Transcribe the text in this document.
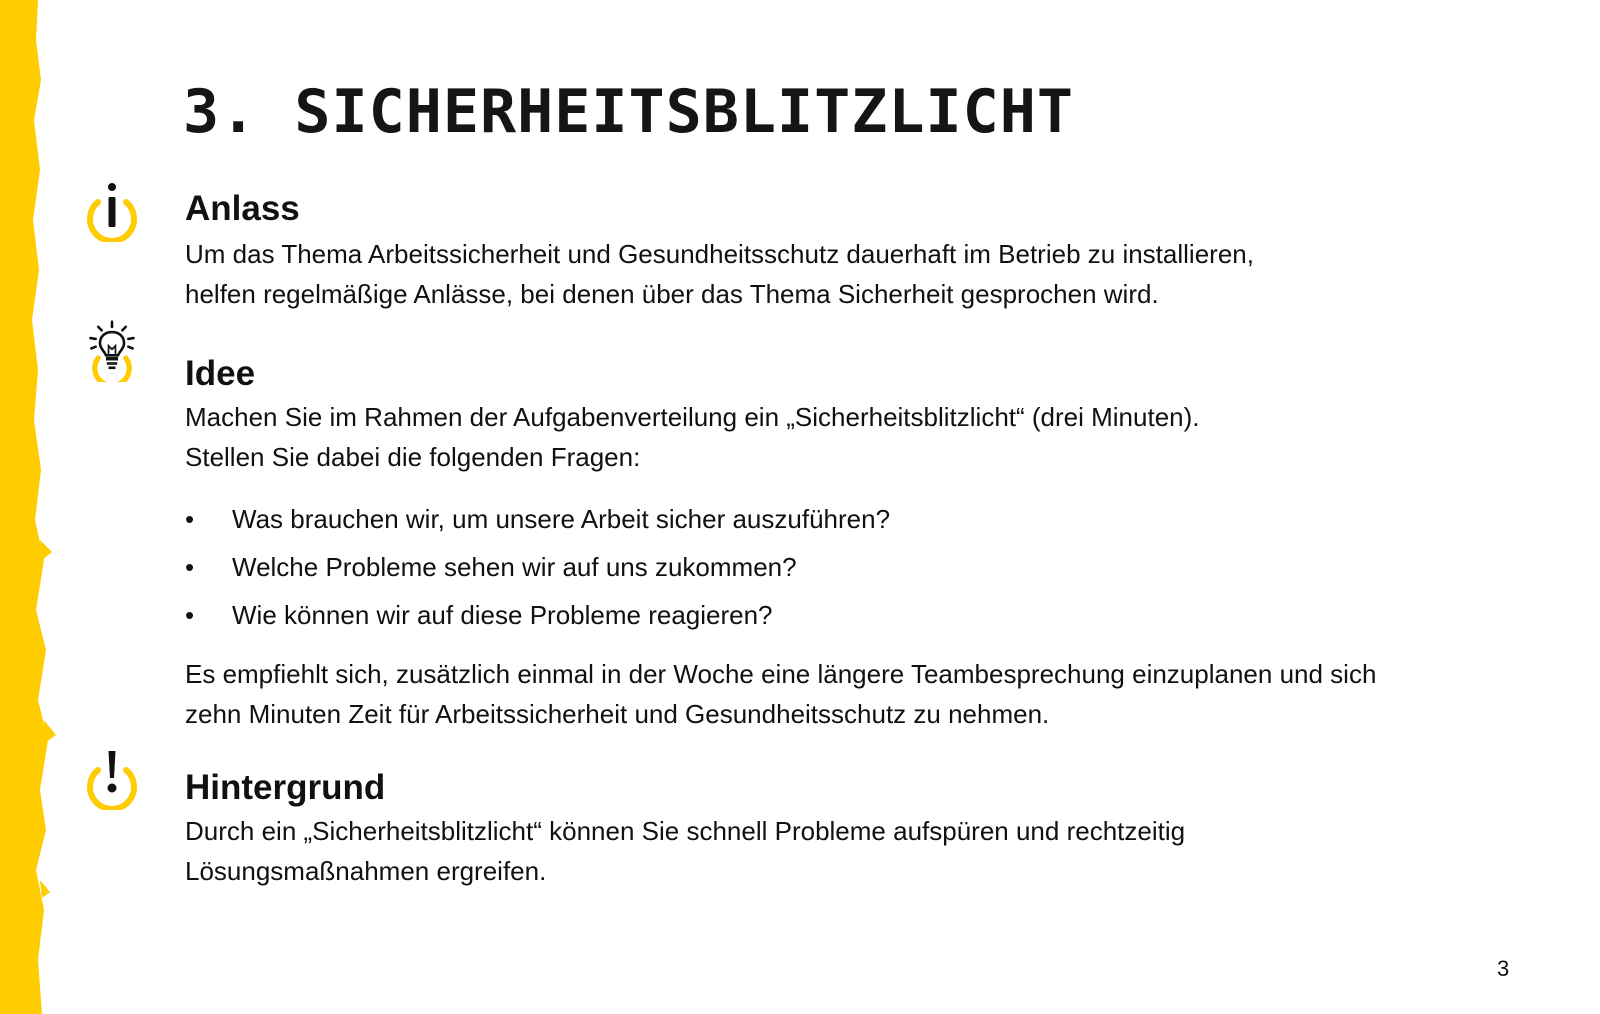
3. SICHERHEITSBLITZLICHT
Anlass
Um das Thema Arbeitssicherheit und Gesundheitsschutz dauerhaft im Betrieb zu installieren,
helfen regelmäßige Anlässe, bei denen über das Thema Sicherheit gesprochen wird.
Idee
Machen Sie im Rahmen der Aufgabenverteilung ein „Sicherheitsblitzlicht“ (drei Minuten).
Stellen Sie dabei die folgenden Fragen:
• Was brauchen wir, um unsere Arbeit sicher auszuführen?
• Welche Probleme sehen wir auf uns zukommen?
• Wie können wir auf diese Probleme reagieren?
Es empfiehlt sich, zusätzlich einmal in der Woche eine längere Teambesprechung einzuplanen und sich
zehn Minuten Zeit für Arbeitssicherheit und Gesundheitsschutz zu nehmen.
Hintergrund
Durch ein „Sicherheitsblitzlicht“ können Sie schnell Probleme aufspüren und rechtzeitig
Lösungsmaßnahmen ergreifen.
3
